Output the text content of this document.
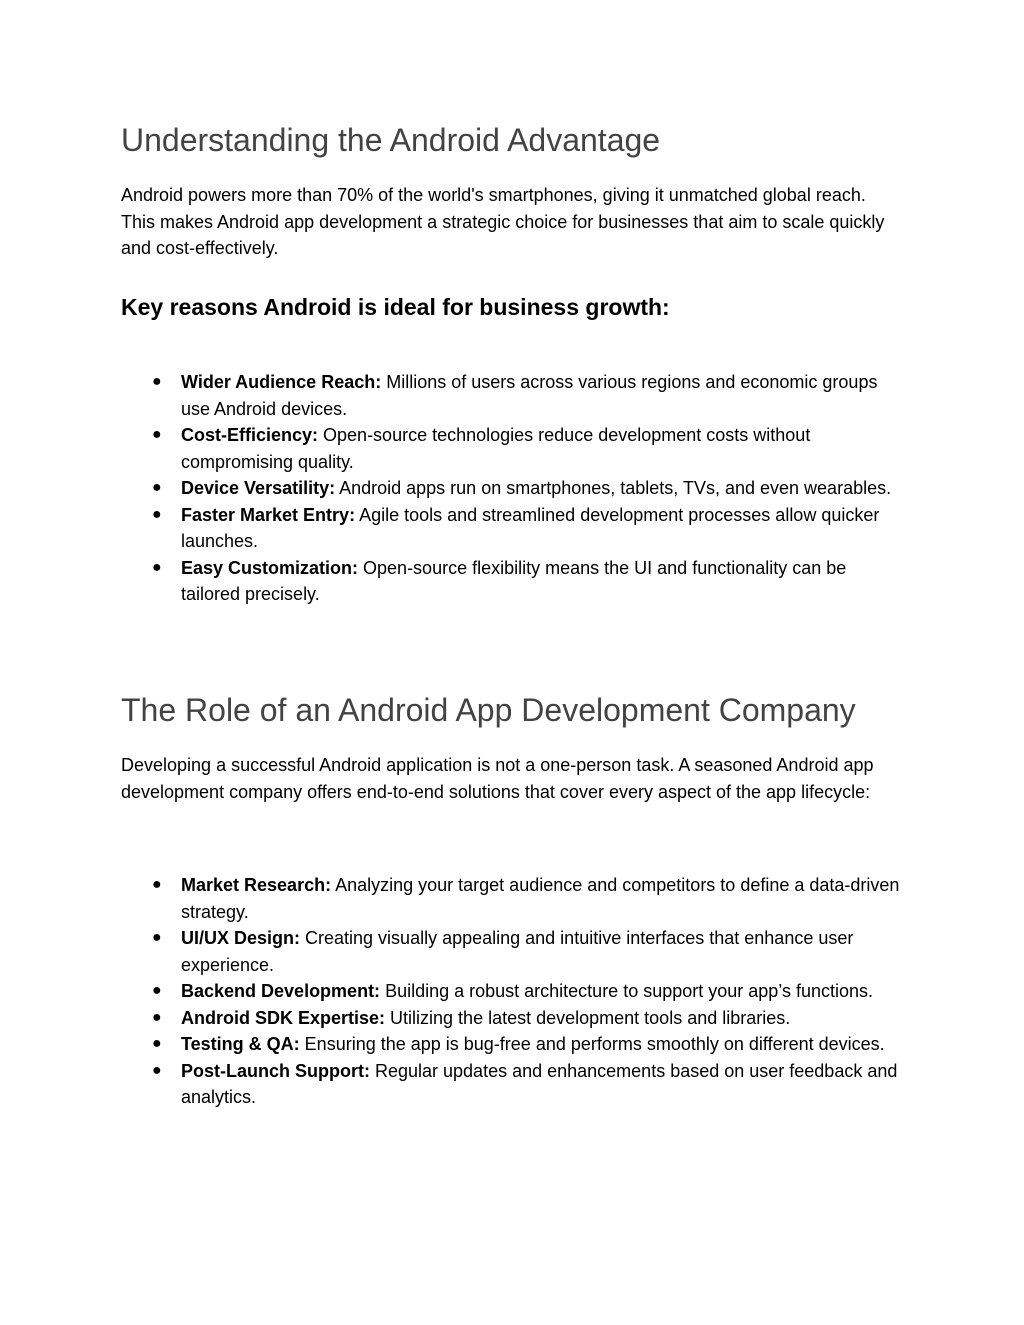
Understanding the Android Advantage

Android powers more than 70% of the world's smartphones, giving it unmatched global reach. This makes Android app development a strategic choice for businesses that aim to scale quickly and cost-effectively.

Key reasons Android is ideal for business growth:
● Wider Audience Reach: Millions of users across various regions and economic groups use Android devices.
● Cost-Efficiency: Open-source technologies reduce development costs without compromising quality.
● Device Versatility: Android apps run on smartphones, tablets, TVs, and even wearables.
● Faster Market Entry: Agile tools and streamlined development processes allow quicker launches.
● Easy Customization: Open-source flexibility means the UI and functionality can be tailored precisely.
The Role of an Android App Development Company

Developing a successful Android application is not a one-person task. A seasoned Android app development company offers end-to-end solutions that cover every aspect of the app lifecycle:

● Market Research: Analyzing your target audience and competitors to define a data-driven strategy.
● UI/UX Design: Creating visually appealing and intuitive interfaces that enhance user experience.
● Backend Development: Building a robust architecture to support your app’s functions.
● Android SDK Expertise: Utilizing the latest development tools and libraries.
● Testing & QA: Ensuring the app is bug-free and performs smoothly on different devices.
● Post-Launch Support: Regular updates and enhancements based on user feedback and analytics.
